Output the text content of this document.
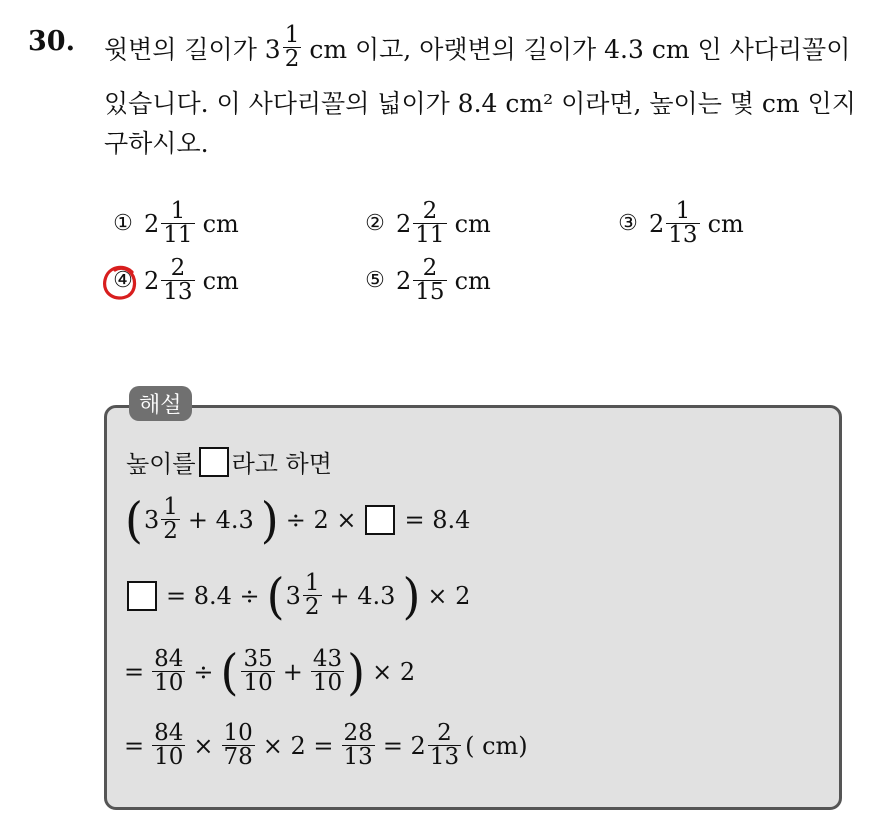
30. 윗변의 길이가 $3 \frac{1}{2}$ cm 이고, 아랫변의 길이가 4.3 cm 인 사다리꼴이
있습니다. 이 사다리꼴의 넓이가 8.4 cm² 이라면, 높이는 몇 cm 인지
구하시오.
① $2 \frac{1}{11}$ cm	② $2 \frac{2}{11}$ cm	③ $2 \frac{1}{13}$ cm
④ $2 \frac{2}{13}$ cm	⑤ $2 \frac{2}{15}$ cm
해설
높이를 라고 하면
( $3 \frac{1}{2} + 4.3$ ) ÷ 2 × = 8.4
= 8.4 ÷ ( $3 \frac{1}{2} + 4.3$ ) × 2
= $\frac{84}{10}$ ÷ ( $\frac{35}{10} + \frac{43}{10}$ ) × 2
= $\frac{84}{10} \times \frac{10}{78} \times 2 = \frac{28}{13} = 2 \frac{2}{13}$ ( cm)
